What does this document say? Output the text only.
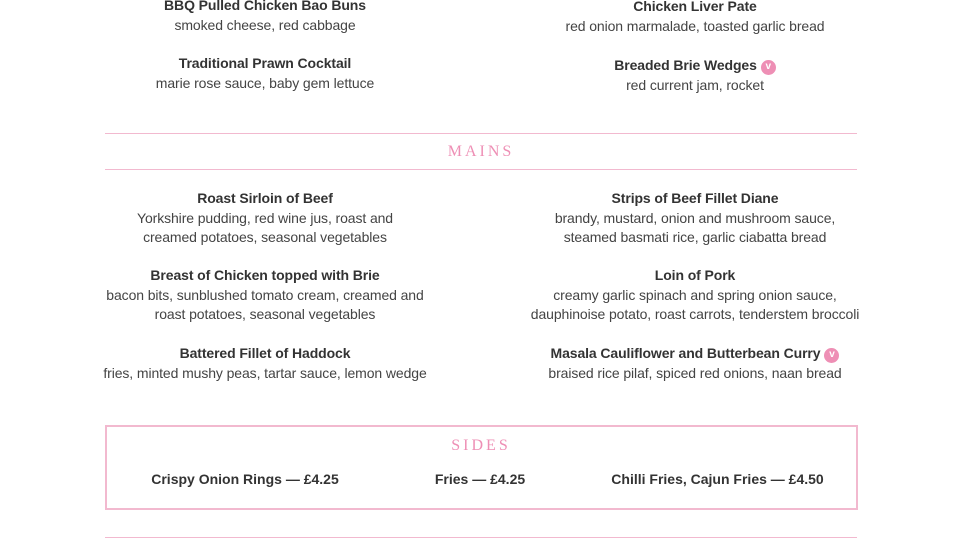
BBQ Pulled Chicken Bao Buns
smoked cheese, red cabbage
Traditional Prawn Cocktail
marie rose sauce, baby gem lettuce
Chicken Liver Pate
red onion marmalade, toasted garlic bread
Breaded Brie Wedges v
red current jam, rocket
MAINS
Roast Sirloin of Beef
Yorkshire pudding, red wine jus, roast and
creamed potatoes, seasonal vegetables
Breast of Chicken topped with Brie
bacon bits, sunblushed tomato cream, creamed and
roast potatoes, seasonal vegetables
Battered Fillet of Haddock
fries, minted mushy peas, tartar sauce, lemon wedge
Strips of Beef Fillet Diane
brandy, mustard, onion and mushroom sauce,
steamed basmati rice, garlic ciabatta bread
Loin of Pork
creamy garlic spinach and spring onion sauce,
dauphinoise potato, roast carrots, tenderstem broccoli
Masala Cauliflower and Butterbean Curry v
braised rice pilaf, spiced red onions, naan bread
SIDES
Crispy Onion Rings — £4.25	Fries — £4.25	Chilli Fries, Cajun Fries — £4.50
